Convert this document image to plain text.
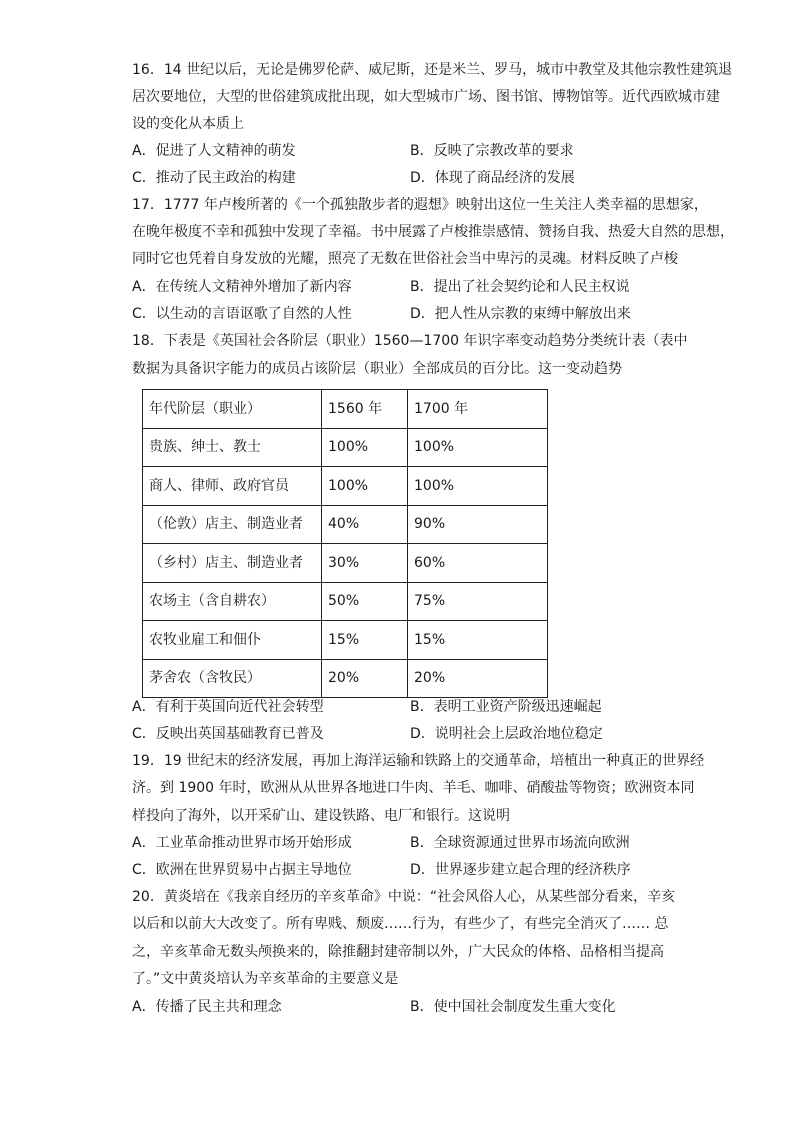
16．14 世纪以后，无论是佛罗伦萨、威尼斯，还是米兰、罗马，城市中教堂及其他宗教性建筑退
居次要地位，大型的世俗建筑成批出现，如大型城市广场、图书馆、博物馆等。近代西欧城市建
设的变化从本质上
A．促进了人文精神的萌发	B．反映了宗教改革的要求
C．推动了民主政治的构建	D．体现了商品经济的发展
17．1777 年卢梭所著的《一个孤独散步者的遐想》映射出这位一生关注人类幸福的思想家，
在晚年极度不幸和孤独中发现了幸福。书中展露了卢梭推崇感情、赞扬自我、热爱大自然的思想，
同时它也凭着自身发放的光耀，照亮了无数在世俗社会当中卑污的灵魂。材料反映了卢梭
A．在传统人文精神外增加了新内容	B．提出了社会契约论和人民主权说
C．以生动的言语讴歌了自然的人性	D．把人性从宗教的束缚中解放出来
18．下表是《英国社会各阶层（职业）1560—1700 年识字率变动趋势分类统计表（表中
数据为具备识字能力的成员占该阶层（职业）全部成员的百分比。这一变动趋势
年代阶层（职业）	1560 年	1700 年
贵族、绅士、教士	100%	100%
商人、律师、政府官员	100%	100%
（伦敦）店主、制造业者	40%	90%
（乡村）店主、制造业者	30%	60%
农场主（含自耕农）	50%	75%
农牧业雇工和佃仆	15%	15%
茅舍农（含牧民）	20%	20%
A．有利于英国向近代社会转型	B．表明工业资产阶级迅速崛起
C．反映出英国基础教育已普及	D．说明社会上层政治地位稳定
19．19 世纪末的经济发展，再加上海洋运输和铁路上的交通革命，培植出一种真正的世界经
济。到 1900 年时，欧洲从从世界各地进口牛肉、羊毛、咖啡、硝酸盐等物资；欧洲资本同
样投向了海外，以开采矿山、建设铁路、电厂和银行。这说明
A．工业革命推动世界市场开始形成	B．全球资源通过世界市场流向欧洲
C．欧洲在世界贸易中占据主导地位	D．世界逐步建立起合理的经济秩序
20．黄炎培在《我亲自经历的辛亥革命》中说：“社会风俗人心，从某些部分看来，辛亥
以后和以前大大改变了。所有卑贱、颓废……行为，有些少了，有些完全消灭了…… 总
之，辛亥革命无数头颅换来的，除推翻封建帝制以外，广大民众的体格、品格相当提高
了。”文中黄炎培认为辛亥革命的主要意义是
A．传播了民主共和理念	B．使中国社会制度发生重大变化
